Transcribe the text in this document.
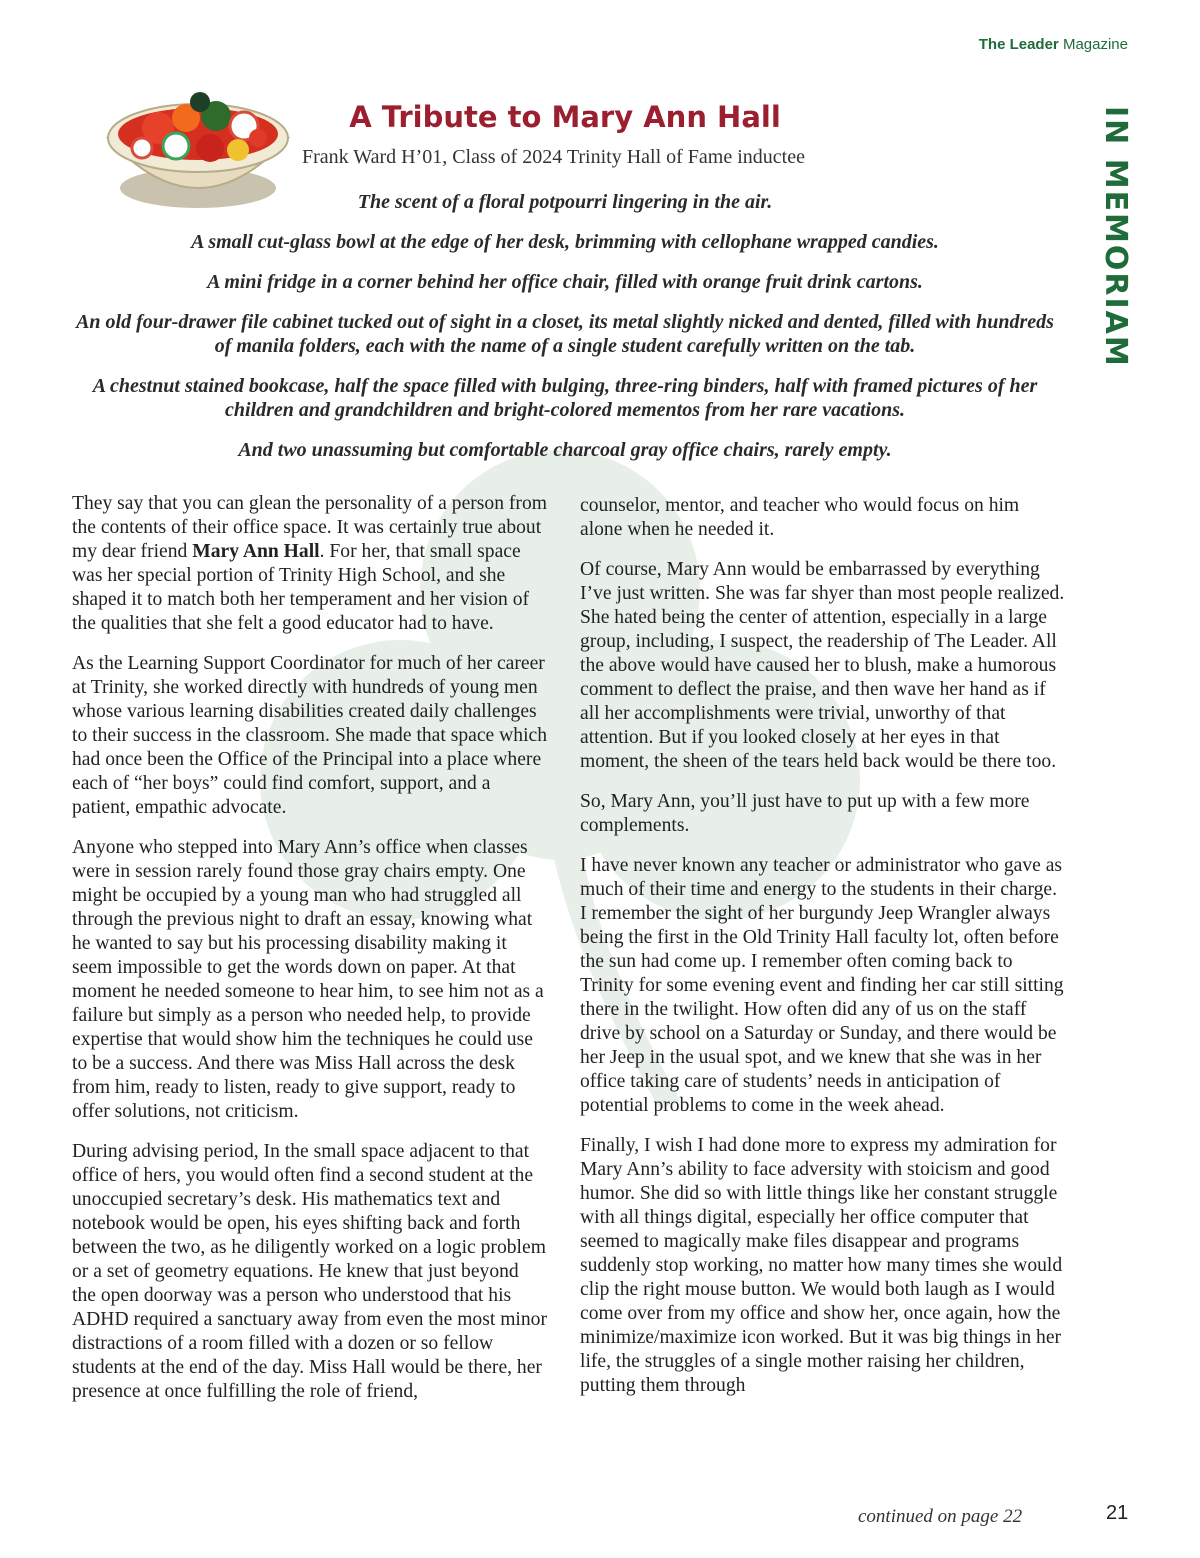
The Leader Magazine
IN MEMORIAM
A Tribute to Mary Ann Hall

Frank Ward H’01, Class of 2024 Trinity Hall of Fame inductee

The scent of a floral potpourri lingering in the air.

A small cut-glass bowl at the edge of her desk, brimming with cellophane wrapped candies.

A mini fridge in a corner behind her office chair, filled with orange fruit drink cartons.

An old four-drawer file cabinet tucked out of sight in a closet, its metal slightly nicked and dented, filled with hundreds of manila folders, each with the name of a single student carefully written on the tab.

A chestnut stained bookcase, half the space filled with bulging, three-ring binders, half with framed pictures of her children and grandchildren and bright-colored mementos from her rare vacations.

And two unassuming but comfortable charcoal gray office chairs, rarely empty.

They say that you can glean the personality of a person from the contents of their office space. It was certainly true about my dear friend Mary Ann Hall. For her, that small space was her special portion of Trinity High School, and she shaped it to match both her temperament and her vision of the qualities that she felt a good educator had to have.

As the Learning Support Coordinator for much of her career at Trinity, she worked directly with hundreds of young men whose various learning disabilities created daily challenges to their success in the classroom. She made that space which had once been the Office of the Principal into a place where each of “her boys” could find comfort, support, and a patient, empathic advocate.

Anyone who stepped into Mary Ann’s office when classes were in session rarely found those gray chairs empty. One might be occupied by a young man who had struggled all through the previous night to draft an essay, knowing what he wanted to say but his processing disability making it seem impossible to get the words down on paper. At that moment he needed someone to hear him, to see him not as a failure but simply as a person who needed help, to provide expertise that would show him the techniques he could use to be a success. And there was Miss Hall across the desk from him, ready to listen, ready to give support, ready to offer solutions, not criticism.

During advising period, In the small space adjacent to that office of hers, you would often find a second student at the unoccupied secretary’s desk. His mathematics text and notebook would be open, his eyes shifting back and forth between the two, as he diligently worked on a logic problem or a set of geometry equations. He knew that just beyond the open doorway was a person who understood that his ADHD required a sanctuary away from even the most minor distractions of a room filled with a dozen or so fellow students at the end of the day. Miss Hall would be there, her presence at once fulfilling the role of friend,

counselor, mentor, and teacher who would focus on him alone when he needed it.

Of course, Mary Ann would be embarrassed by everything I’ve just written. She was far shyer than most people realized. She hated being the center of attention, especially in a large group, including, I suspect, the readership of The Leader. All the above would have caused her to blush, make a humorous comment to deflect the praise, and then wave her hand as if all her accomplishments were trivial, unworthy of that attention. But if you looked closely at her eyes in that moment, the sheen of the tears held back would be there too.

So, Mary Ann, you’ll just have to put up with a few more complements.

I have never known any teacher or administrator who gave as much of their time and energy to the students in their charge. I remember the sight of her burgundy Jeep Wrangler always being the first in the Old Trinity Hall faculty lot, often before the sun had come up. I remember often coming back to Trinity for some evening event and finding her car still sitting there in the twilight. How often did any of us on the staff drive by school on a Saturday or Sunday, and there would be her Jeep in the usual spot, and we knew that she was in her office taking care of students’ needs in anticipation of potential problems to come in the week ahead.

Finally, I wish I had done more to express my admiration for Mary Ann’s ability to face adversity with stoicism and good humor. She did so with little things like her constant struggle with all things digital, especially her office computer that seemed to magically make files disappear and programs suddenly stop working, no matter how many times she would clip the right mouse button. We would both laugh as I would come over from my office and show her, once again, how the minimize/maximize icon worked. But it was big things in her life, the struggles of a single mother raising her children, putting them through

continued on page 22	21
